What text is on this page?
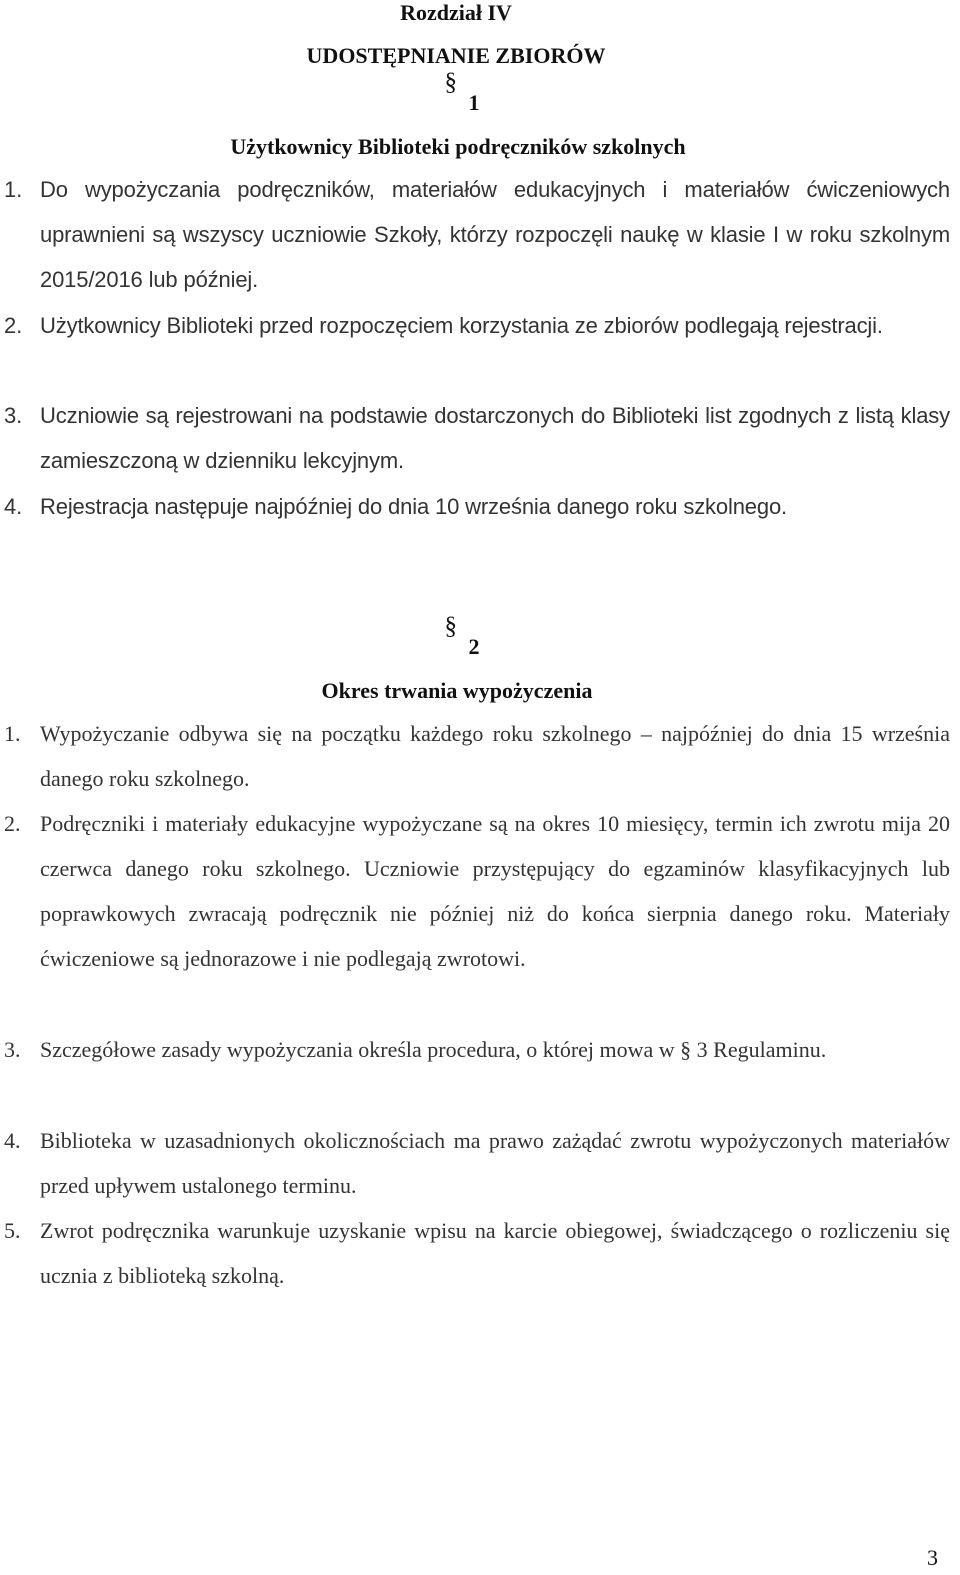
Rozdział IV
UDOSTĘPNIANIE ZBIORÓW
§ 1
Użytkownicy Biblioteki podręczników szkolnych
1. Do wypożyczania podręczników, materiałów edukacyjnych i materiałów ćwiczeniowych uprawnieni są wszyscy uczniowie Szkoły, którzy rozpoczęli naukę w klasie I w roku szkolnym 2015/2016 lub później.
2. Użytkownicy Biblioteki przed rozpoczęciem korzystania ze zbiorów podlegają rejestracji.
3. Uczniowie są rejestrowani na podstawie dostarczonych do Biblioteki list zgodnych z listą klasy zamieszczoną w dzienniku lekcyjnym.
4. Rejestracja następuje najpóźniej do dnia 10 września danego roku szkolnego.
§ 2
Okres trwania wypożyczenia
1. Wypożyczanie odbywa się na początku każdego roku szkolnego – najpóźniej do dnia 15 września danego roku szkolnego.
2. Podręczniki i materiały edukacyjne wypożyczane są na okres 10 miesięcy, termin ich zwrotu mija 20 czerwca danego roku szkolnego. Uczniowie przystępujący do egzaminów klasyfikacyjnych lub poprawkowych zwracają podręcznik nie później niż do końca sierpnia danego roku. Materiały ćwiczeniowe są jednorazowe i nie podlegają zwrotowi.
3. Szczegółowe zasady wypożyczania określa procedura, o której mowa w § 3 Regulaminu.
4. Biblioteka w uzasadnionych okolicznościach ma prawo zażądać zwrotu wypożyczonych materiałów przed upływem ustalonego terminu.
5. Zwrot podręcznika warunkuje uzyskanie wpisu na karcie obiegowej, świadczącego o rozliczeniu się ucznia z biblioteką szkolną.
3
